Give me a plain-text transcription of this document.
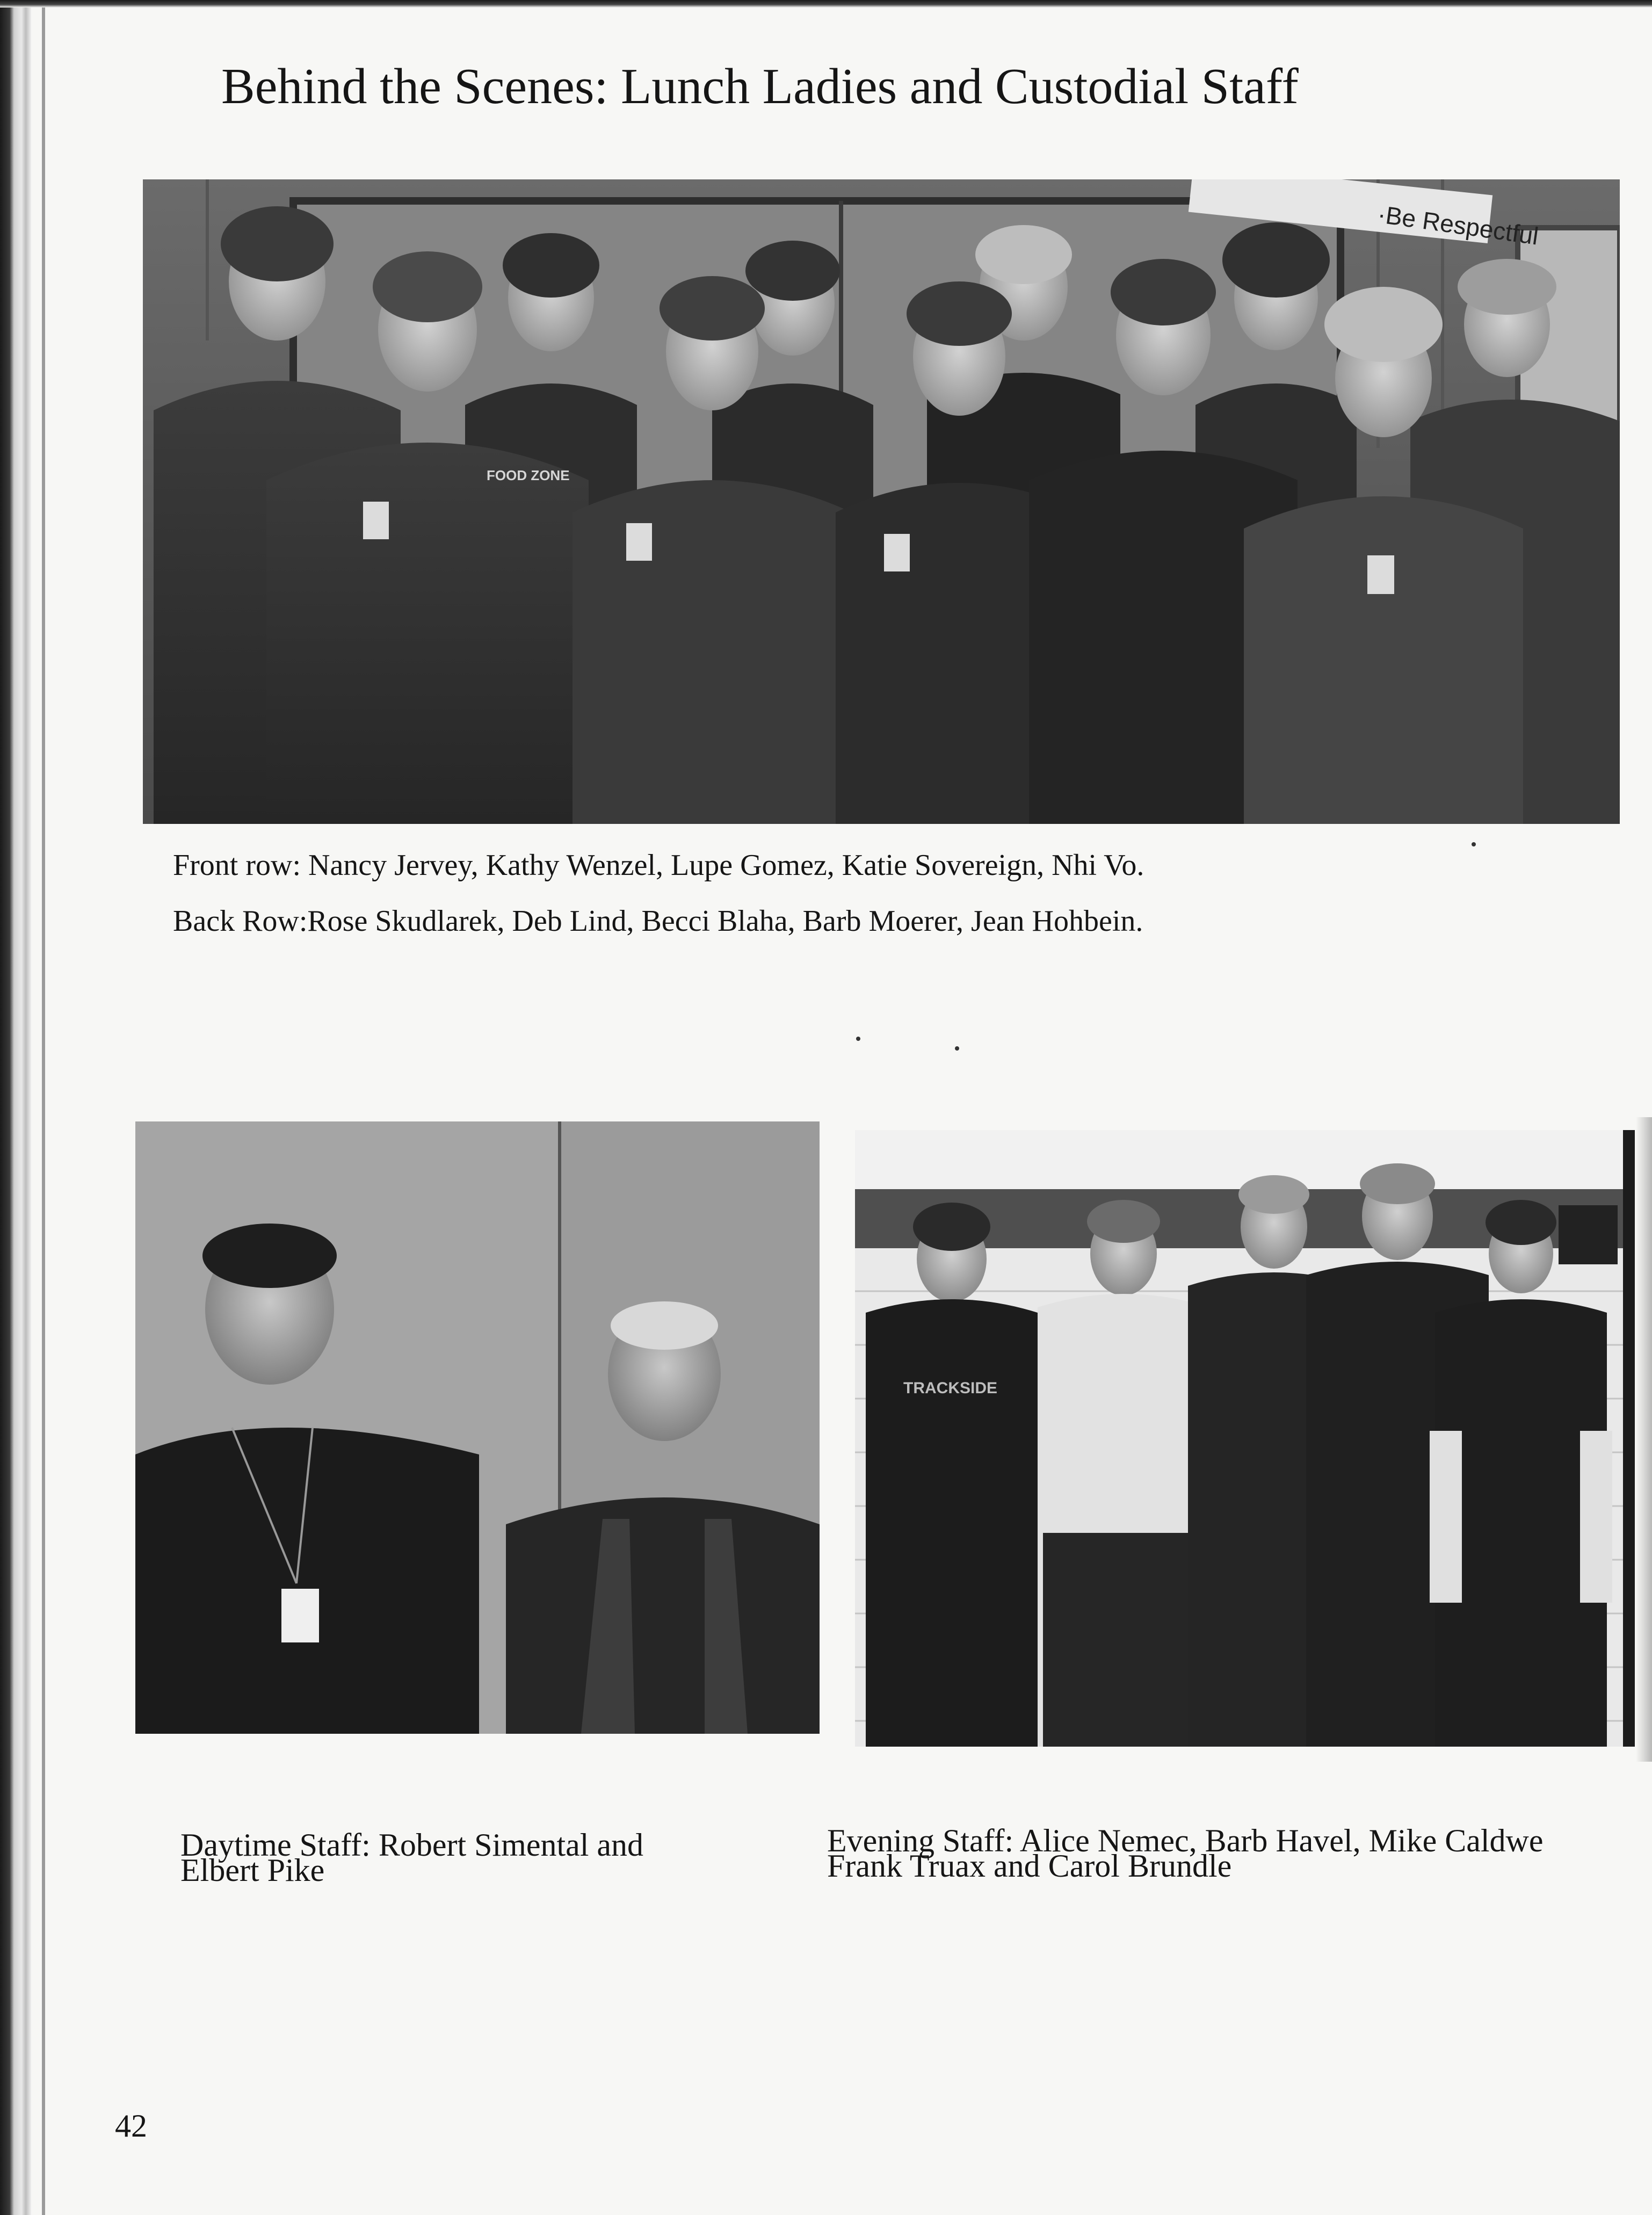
Behind the Scenes: Lunch Ladies and Custodial Staff
·Be Respectful
FOOD ZONE
Front row: Nancy Jervey, Kathy Wenzel, Lupe Gomez, Katie Sovereign, Nhi Vo.
Back Row:Rose Skudlarek, Deb Lind, Becci Blaha, Barb Moerer, Jean Hohbein.
TRACKSIDE
Daytime Staff: Robert Simental and
Elbert Pike
Evening Staff: Alice Nemec, Barb Havel, Mike Caldwe
Frank Truax and Carol Brundle
42
